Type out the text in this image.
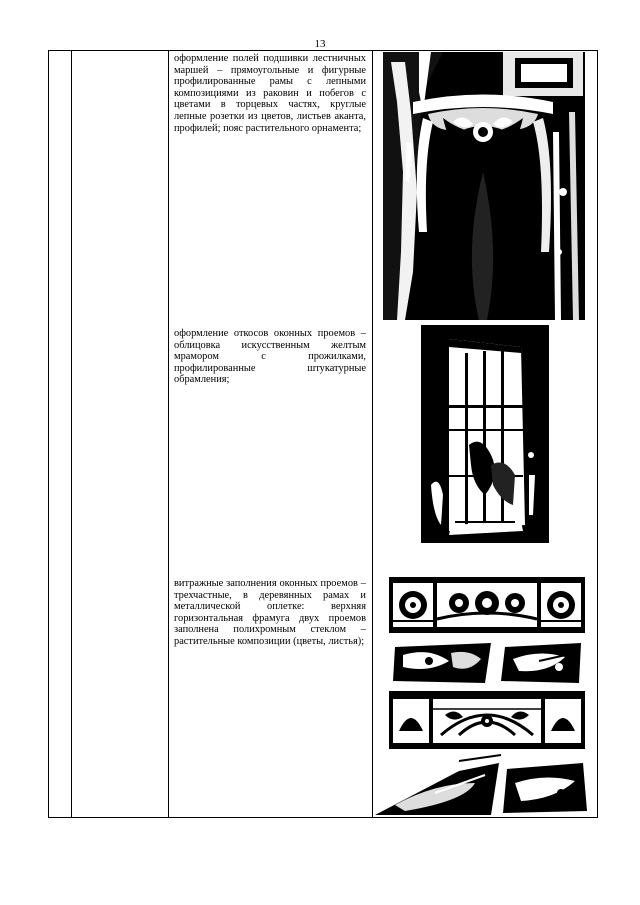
13

оформление полей подшивки лестничных маршей – прямоугольные и фигурные профилированные рамы с лепными композициями из раковин и побегов с цветами в торцевых частях, круглые лепные розетки из цветов, листьев аканта, профилей; пояс растительного орнамента;
оформление откосов оконных проемов – облицовка искусственным желтым мрамором с прожилками, профилированные штукатурные обрамления;
витражные заполнения оконных проемов – трехчастные, в деревянных рамах и металлической оплетке: верхняя горизонтальная фрамуга двух проемов заполнена полихромным стеклом – растительные композиции (цветы, листья);
